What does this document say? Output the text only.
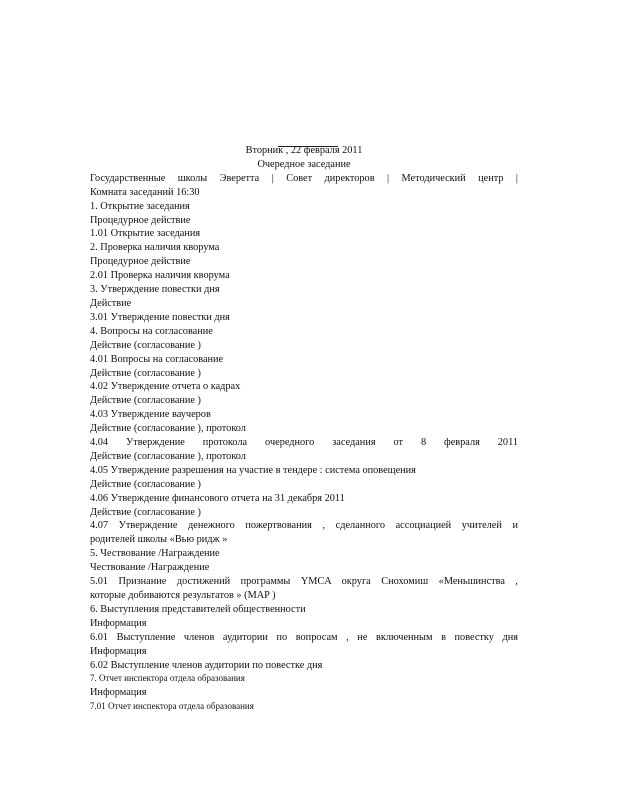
Вторник , 22 февраля 2011
Очередное заседание
Государственные школы Эверетта | Совет директоров | Методический центр |
Комната заседаний 16:30
1. Открытие заседания
Процедурное действие
1.01 Открытие заседания
2. Проверка наличия кворума
Процедурное действие
2.01 Проверка наличия кворума
3. Утверждение повестки дня
Действие
3.01 Утверждение повестки дня
4. Вопросы на согласование
Действие (согласование )
4.01 Вопросы на согласование
Действие (согласование )
4.02 Утверждение отчета о кадрах
Действие (согласование )
4.03 Утверждение ваучеров
Действие (согласование ), протокол
4.04 Утверждение протокола очередного заседания от 8 февраля 2011
Действие (согласование ), протокол
4.05 Утверждение разрешения на участие в тендере : система оповещения
Действие (согласование )
4.06 Утверждение финансового отчета на 31 декабря 2011
Действие (согласование )
4.07 Утверждение денежного пожертвования , сделанного ассоциацией учителей и
родителей школы «Вью ридж »
5. Чествование /Награждение
Чествование /Награждение
5.01 Признание достижений программы YMCA округа Снохомиш «Меньшинства ,
которые добиваются результатов » (MAP )
6. Выступления представителей общественности
Информация
6.01 Выступление членов аудитории по вопросам , не включенным в повестку дня
Информация
6.02 Выступление членов аудитории по повестке дня
7. Отчет инспектора отдела образования
Информация
7.01 Отчет инспектора отдела образования
